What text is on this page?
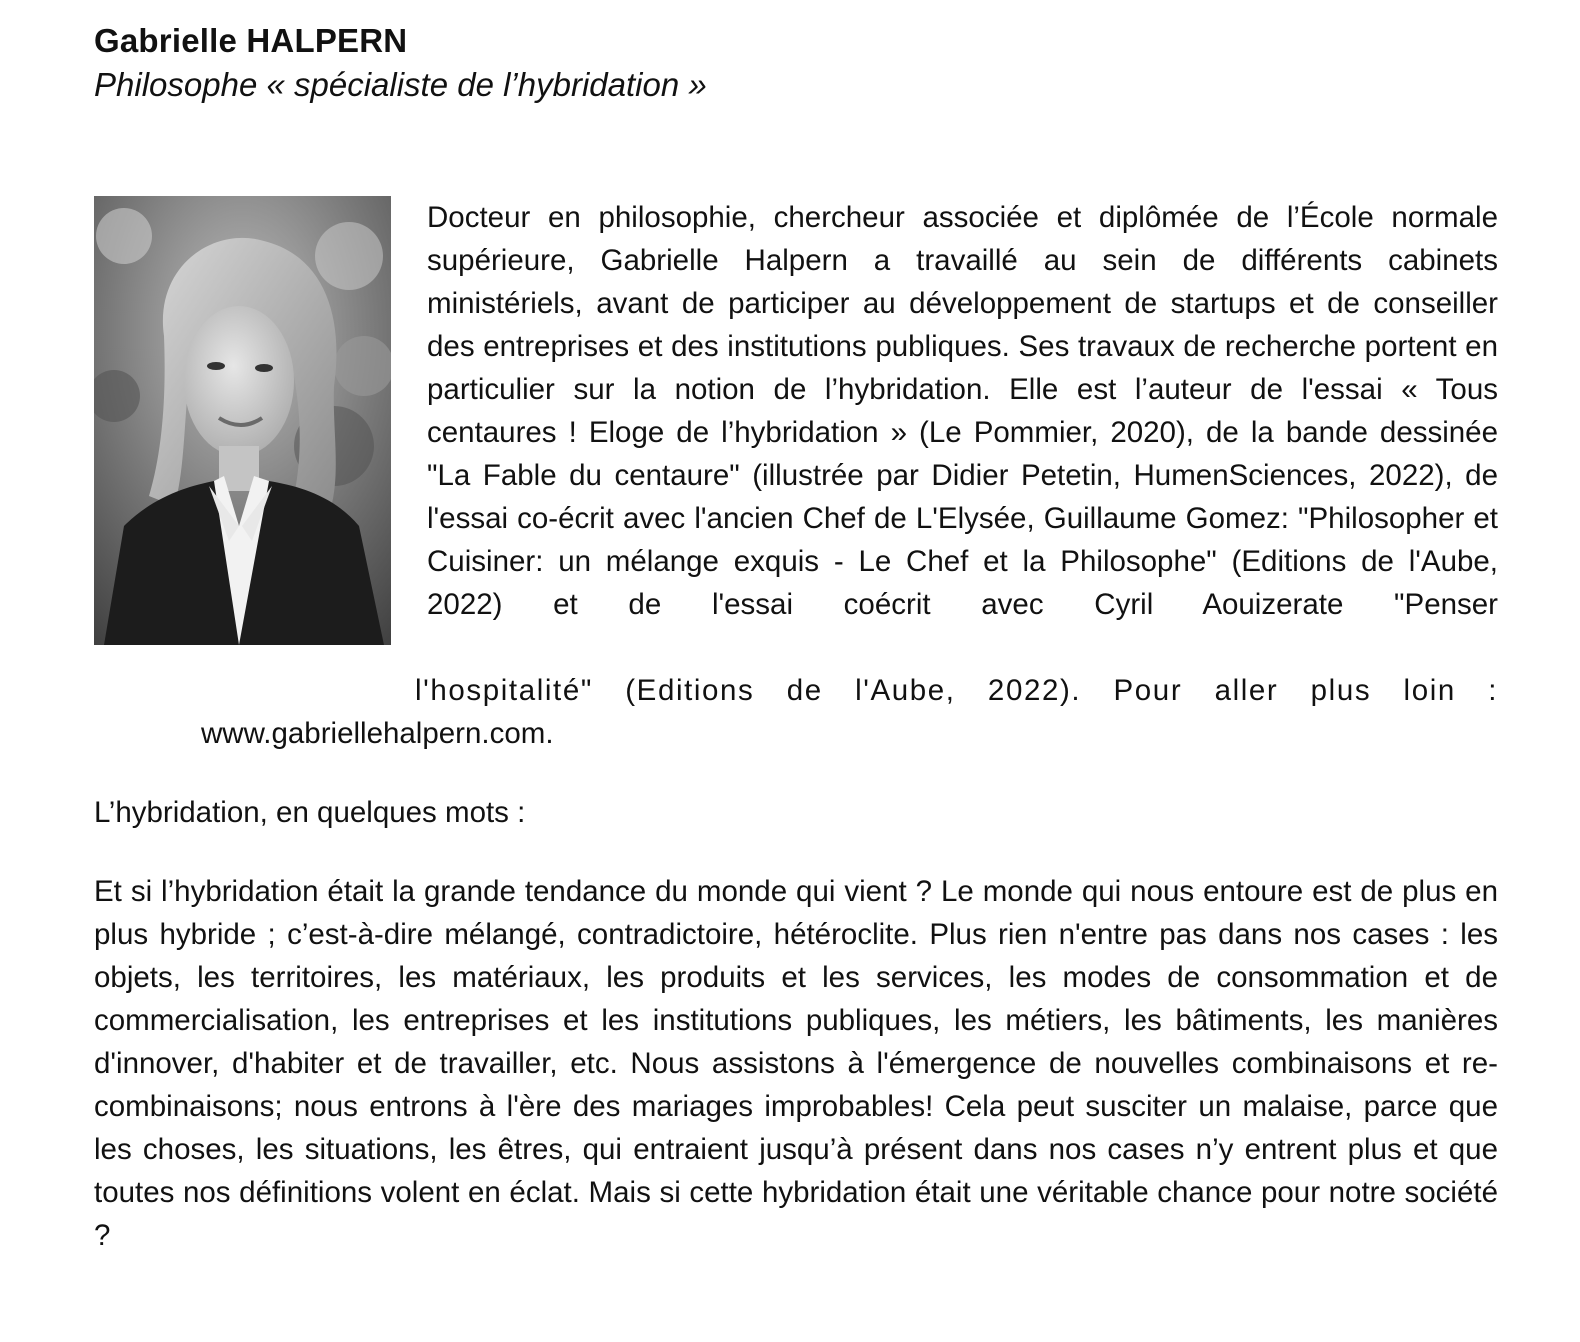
Gabrielle HALPERN
Philosophe « spécialiste de l’hybridation »

Docteur en philosophie, chercheur associée et diplômée de l’École normale supérieure, Gabrielle Halpern a travaillé au sein de différents cabinets ministériels, avant de participer au développement de startups et de conseiller des entreprises et des institutions publiques. Ses travaux de recherche portent en particulier sur la notion de l’hybridation. Elle est l’auteur de l'essai « Tous centaures ! Eloge de l’hybridation » (Le Pommier, 2020), de la bande dessinée "La Fable du centaure" (illustrée par Didier Petetin, HumenSciences, 2022), de l'essai co-écrit avec l'ancien Chef de L'Elysée, Guillaume Gomez: "Philosopher et Cuisiner: un mélange exquis - Le Chef et la Philosophe" (Editions de l'Aube, 2022) et de l'essai coécrit avec Cyril Aouizerate "Penser

l'hospitalité" (Editions de l'Aube, 2022). Pour aller plus loin :
www.gabriellehalpern.com.
L’hybridation, en quelques mots :

Et si l’hybridation était la grande tendance du monde qui vient ? Le monde qui nous entoure est de plus en plus hybride ; c’est-à-dire mélangé, contradictoire, hétéroclite. Plus rien n'entre pas dans nos cases : les objets, les territoires, les matériaux, les produits et les services, les modes de consommation et de commercialisation, les entreprises et les institutions publiques, les métiers, les bâtiments, les manières d'innover, d'habiter et de travailler, etc. Nous assistons à l'émergence de nouvelles combinaisons et re-combinaisons; nous entrons à l'ère des mariages improbables! Cela peut susciter un malaise, parce que les choses, les situations, les êtres, qui entraient jusqu’à présent dans nos cases n’y entrent plus et que toutes nos définitions volent en éclat. Mais si cette hybridation était une véritable chance pour notre société ?
